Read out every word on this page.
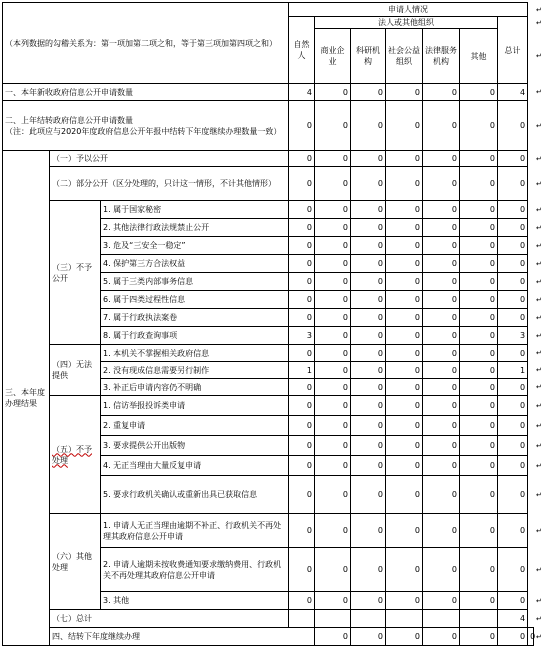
（本列数据的勾稽关系为：第一项加第二项之和，等于第三项加第四项之和）			申请人情况							
			自然人	法人或其他组织					总计	
				商业企业	科研机构	社会公益组织	法律服务机构	其他		
一、本年新收政府信息公开申请数量			4	0	0	0	0	0	4	
二、上年结转政府信息公开申请数量
（注：此项应与2020年度政府信息公开年报中结转下年度继续办理数量一致）			0	0	0	0	0	0	0	
三、本年度办理结果	（一）予以公开		0	0	0	0	0	0	0	
	（二）部分公开（区分处理的，只计这一情形，不计其他情形）		0	0	0	0	0	0	0	
	（三）不予公开	1. 属于国家秘密	0	0	0	0	0	0	0	
		2. 其他法律行政法规禁止公开	0	0	0	0	0	0	0	
		3. 危及“三安全一稳定”	0	0	0	0	0	0	0	
		4. 保护第三方合法权益	0	0	0	0	0	0	0	
		5. 属于三类内部事务信息	0	0	0	0	0	0	0	
		6. 属于四类过程性信息	0	0	0	0	0	0	0	
		7. 属于行政执法案卷	0	0	0	0	0	0	0	
		8. 属于行政查询事项	3	0	0	0	0	0	3	
	（四）无法提供	1. 本机关不掌握相关政府信息	0	0	0	0	0	0	0	
		2. 没有现成信息需要另行制作	1	0	0	0	0	0	1	
		3. 补正后申请内容仍不明确	0	0	0	0	0	0	0	
	（五）不予处理	1. 信访举报投诉类申请	0	0	0	0	0	0	0	
		2. 重复申请	0	0	0	0	0	0	0	
		3. 要求提供公开出版物	0	0	0	0	0	0	0	
		4. 无正当理由大量反复申请	0	0	0	0	0	0	0	
		5. 要求行政机关确认或重新出具已获取信息	0	0	0	0	0	0	0	
	（六）其他处理	1. 申请人无正当理由逾期不补正、行政机关不再处理其政府信息公开申请	0	0	0	0	0	0	0	
		2. 申请人逾期未按收费通知要求缴纳费用、行政机关不再处理其政府信息公开申请	0	0	0	0	0	0	0	
		3. 其他	0	0	0	0	0	0	0	
	（七）总计								4	
	四、结转下年度继续办理			0	0	0	0	0	0	0
↵
↵
↵
↵
↵
↵
↵
↵
↵
↵
↵
↵
↵
↵
↵
↵
↵
↵
↵
↵
↵
↵
↵
↵
↵
↵
↵
↵
